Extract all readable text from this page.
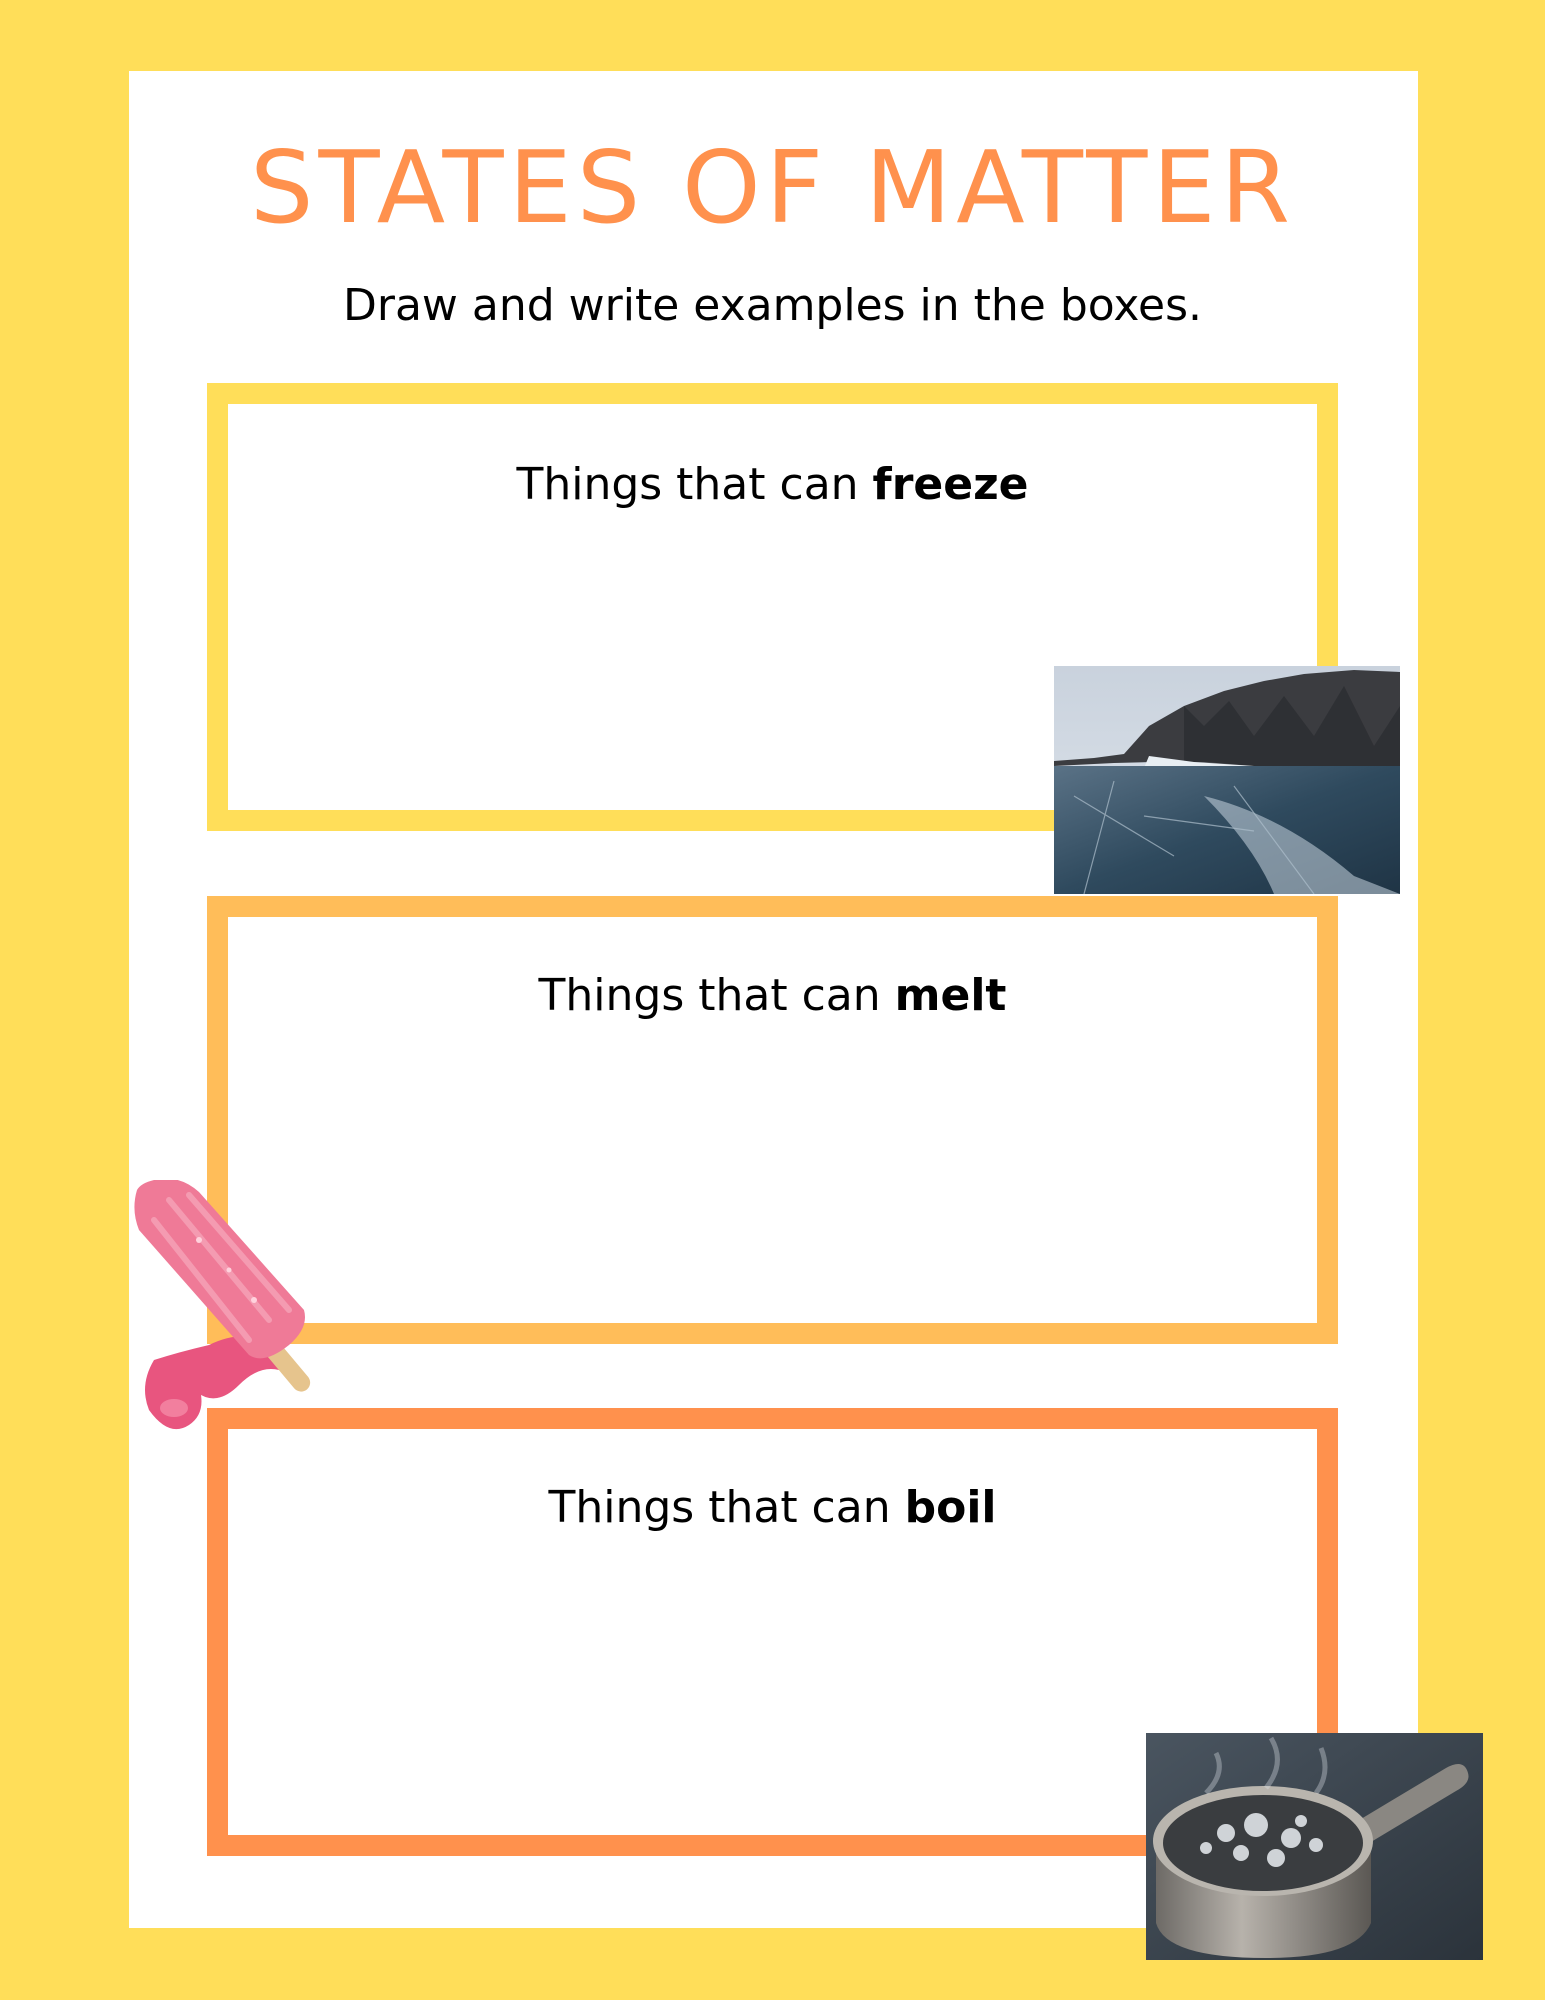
STATES OF MATTER
Draw and write examples in the boxes.
Things that can freeze
Things that can melt
Things that can boil
